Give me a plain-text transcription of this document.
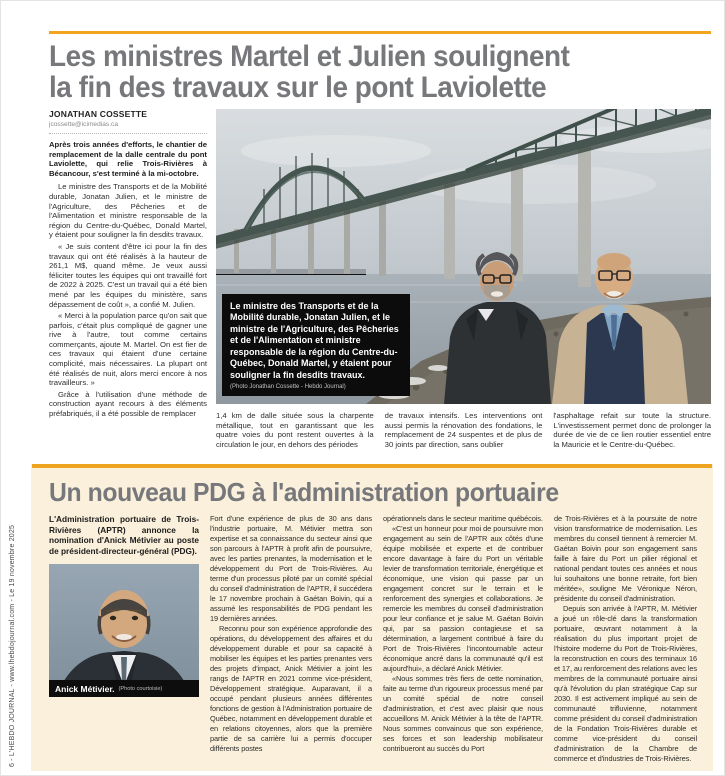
Les ministres Martel et Julien soulignent
la fin des travaux sur le pont Laviolette
JONATHAN COSSETTE
jcossette@icimedias.ca

Après trois années d'efforts, le chantier de remplacement de la dalle centrale du pont Laviolette, qui relie Trois-Rivières à Bécancour, s'est terminé à la mi-octobre.

Le ministre des Transports et de la Mobilité durable, Jonatan Julien, et le ministre de l'Agriculture, des Pêcheries et de l'Alimentation et ministre responsable de la région du Centre-du-Québec, Donald Martel, y étaient pour souligner la fin desdits travaux.

« Je suis content d'être ici pour la fin des travaux qui ont été réalisés à la hauteur de 261,1 M$, quand même. Je veux aussi féliciter toutes les équipes qui ont travaillé fort de 2022 à 2025. C'est un travail qui a été bien mené par les équipes du ministère, sans dépassement de coût », a confié M. Julien.

« Merci à la population parce qu'on sait que parfois, c'était plus compliqué de gagner une rive à l'autre, tout comme certains commerçants, ajoute M. Martel. On est fier de ces travaux qui étaient d'une certaine complicité, mais nécessaires. La plupart ont été réalisés de nuit, alors merci encore à nos travailleurs. »

Grâce à l'utilisation d'une méthode de construction ayant recours à des éléments préfabriqués, il a été possible de remplacer

Le ministre des Transports et de la Mobilité durable, Jonatan Julien, et le ministre de l'Agriculture, des Pêcheries et de l'Alimentation et ministre responsable de la région du Centre-du-Québec, Donald Martel, y étaient pour souligner la fin desdits travaux.
(Photo Jonathan Cossette - Hebdo Journal)

1,4 km de dalle située sous la charpente métallique, tout en garantissant que les quatre voies du pont restent ouvertes à la circulation le jour, en dehors des périodes

de travaux intensifs. Les interventions ont aussi permis la rénovation des fondations, le remplacement de 24 suspentes et de plus de 30 joints par direction, sans oublier

l'asphaltage refait sur toute la structure. L'investissement permet donc de prolonger la durée de vie de ce lien routier essentiel entre la Mauricie et le Centre-du-Québec.

6 - L'HEBDO JOURNAL - www.lhebdojournal.com - Le 19 novembre 2025
Un nouveau PDG à l'administration portuaire

L'Administration portuaire de Trois-Rivières (APTR) annonce la nomination d'Anick Métivier au poste de président-directeur-général (PDG).

Anick Métivier. (Photo courtoisie)

Fort d'une expérience de plus de 30 ans dans l'industrie portuaire, M. Métivier mettra son expertise et sa connaissance du secteur ainsi que son parcours à l'APTR à profit afin de poursuivre, avec les parties prenantes, la modernisation et le développement du Port de Trois-Rivières. Au terme d'un processus piloté par un comité spécial du conseil d'administration de l'APTR, il succédera le 17 novembre prochain à Gaétan Boivin, qui a assumé les responsabilités de PDG pendant les 19 dernières années.

Reconnu pour son expérience approfondie des opérations, du développement des affaires et du développement durable et pour sa capacité à mobiliser les équipes et les parties prenantes vers des projets d'impact, Anick Métivier a joint les rangs de l'APTR en 2021 comme vice-président, Développement stratégique. Auparavant, il a occupé pendant plusieurs années différentes fonctions de gestion à l'Administration portuaire de Québec, notamment en développement durable et en relations citoyennes, alors que la première partie de sa carrière lui a permis d'occuper différents postes

opérationnels dans le secteur maritime québécois.

«C'est un honneur pour moi de poursuivre mon engagement au sein de l'APTR aux côtés d'une équipe mobilisée et experte et de contribuer encore davantage à faire du Port un véritable levier de transformation territoriale, énergétique et économique, une vision qui passe par un engagement concret sur le terrain et le renforcement des synergies et collaborations. Je remercie les membres du conseil d'administration pour leur confiance et je salue M. Gaétan Boivin qui, par sa passion contagieuse et sa détermination, a largement contribué à faire du Port de Trois-Rivières l'incontournable acteur économique ancré dans la communauté qu'il est aujourd'hui», a déclaré Anick Métivier.

«Nous sommes très fiers de cette nomination, faite au terme d'un rigoureux processus mené par un comité spécial de notre conseil d'administration, et c'est avec plaisir que nous accueillons M. Anick Métivier à la tête de l'APTR. Nous sommes convaincus que son expérience, ses forces et son leadership mobilisateur contribueront au succès du Port

de Trois-Rivières et à la poursuite de notre vision transformatrice de modernisation. Les membres du conseil tiennent à remercier M. Gaétan Boivin pour son engagement sans faille à faire du Port un pilier régional et national pendant toutes ces années et nous lui souhaitons une bonne retraite, fort bien méritée», souligne Me Véronique Néron, présidente du conseil d'administration.

Depuis son arrivée à l'APTR, M. Métivier a joué un rôle-clé dans la transformation portuaire, œuvrant notamment à la réalisation du plus important projet de l'histoire moderne du Port de Trois-Rivières, la reconstruction en cours des terminaux 16 et 17, au renforcement des relations avec les membres de la communauté portuaire ainsi qu'à l'évolution du plan stratégique Cap sur 2030. Il est activement impliqué au sein de communauté trifluvienne, notamment comme président du conseil d'administration de la Fondation Trois-Rivières durable et comme vice-président du conseil d'administration de la Chambre de commerce et d'industries de Trois-Rivières.
